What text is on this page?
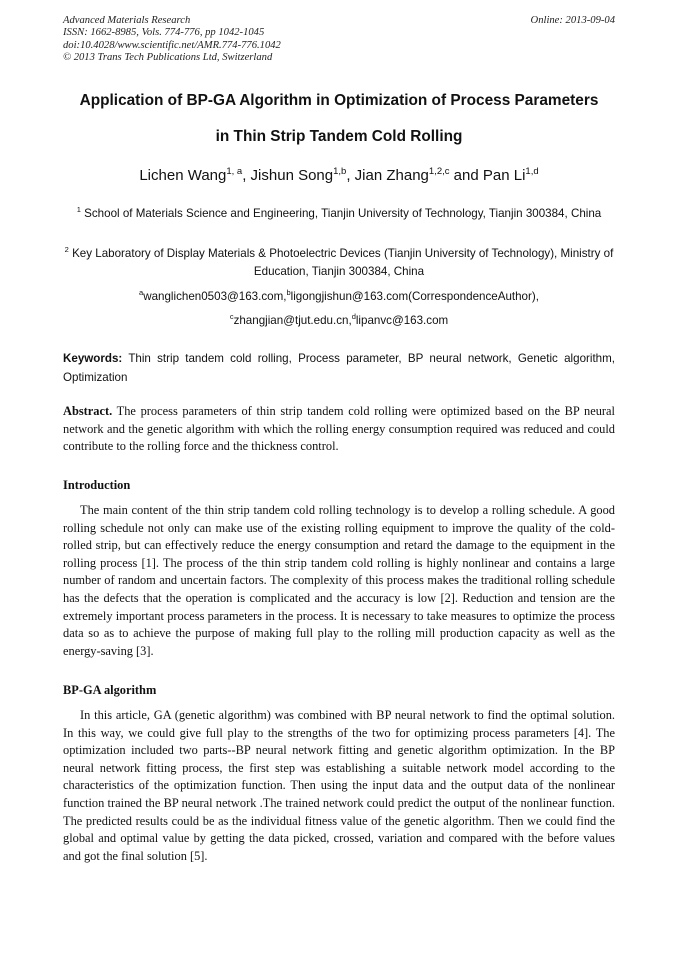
Advanced Materials Research
ISSN: 1662-8985, Vols. 774-776, pp 1042-1045
doi:10.4028/www.scientific.net/AMR.774-776.1042
© 2013 Trans Tech Publications Ltd, Switzerland
Online: 2013-09-04
Application of BP-GA Algorithm in Optimization of Process Parameters
in Thin Strip Tandem Cold Rolling
Lichen Wang$^{1, a}$, Jishun Song$^{1,b}$, Jian Zhang$^{1,2,c}$ and Pan Li$^{1,d}$
$^1$ School of Materials Science and Engineering, Tianjin University of Technology, Tianjin 300384, China
$^2$ Key Laboratory of Display Materials & Photoelectric Devices (Tianjin University of Technology), Ministry of Education, Tianjin 300384, China
$^a$wanglichen0503@163.com,$^b$ligongjishun@163.com(CorrespondenceAuthor),
$^c$zhangjian@tjut.edu.cn,$^d$lipanvc@163.com
Keywords: Thin strip tandem cold rolling, Process parameter, BP neural network, Genetic algorithm, Optimization
Abstract. The process parameters of thin strip tandem cold rolling were optimized based on the BP neural network and the genetic algorithm with which the rolling energy consumption required was reduced and could contribute to the rolling force and the thickness control.
Introduction
The main content of the thin strip tandem cold rolling technology is to develop a rolling schedule. A good rolling schedule not only can make use of the existing rolling equipment to improve the quality of the cold-rolled strip, but can effectively reduce the energy consumption and retard the damage to the equipment in the rolling process [1]. The process of the thin strip tandem cold rolling is highly nonlinear and contains a large number of random and uncertain factors. The complexity of this process makes the traditional rolling schedule has the defects that the operation is complicated and the accuracy is low [2]. Reduction and tension are the extremely important process parameters in the process. It is necessary to take measures to optimize the process data so as to achieve the purpose of making full play to the rolling mill production capacity as well as the energy-saving [3].
BP-GA algorithm
In this article, GA (genetic algorithm) was combined with BP neural network to find the optimal solution. In this way, we could give full play to the strengths of the two for optimizing process parameters [4]. The optimization included two parts--BP neural network fitting and genetic algorithm optimization. In the BP neural network fitting process, the first step was establishing a suitable network model according to the characteristics of the optimization function. Then using the input data and the output data of the nonlinear function trained the BP neural network .The trained network could predict the output of the nonlinear function. The predicted results could be as the individual fitness value of the genetic algorithm. Then we could find the global and optimal value by getting the data picked, crossed, variation and compared with the before values and got the final solution [5].
